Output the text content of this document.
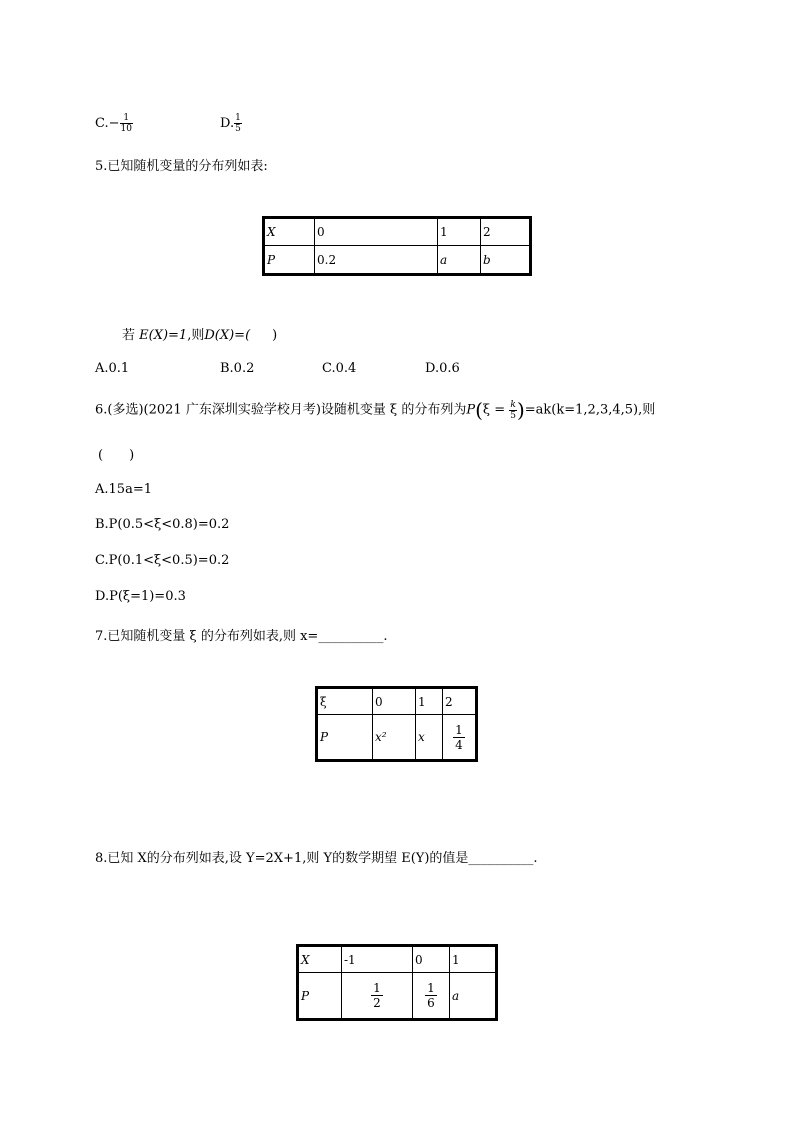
$C.- \frac{1}{10}$	D. $\frac{1}{5}$
5.已知随机变量的分布列如表:
X	0	1	2
P	0.2	a	b
若 E(X)=1,则D(X)=( )
A.0.1	B.0.2	C.0.4	D.0.6
6.(多选)(2021 广东深圳实验学校月考)设随机变量 ξ 的分布列为$P(\xi = \frac{k}{5} )=ak(k=1,2,3,4,5)$,则
(　　)
A.15a=1
B.P(0.5<ξ<0.8)=0.2
C.P(0.1<ξ<0.5)=0.2
D.P(ξ=1)=0.3
7.已知随机变量 ξ 的分布列如表,则 x=__________.
ξ	0	1	2
P	x²	x	$\frac{1}{4}$
8.已知 X的分布列如表,设 Y=2X+1,则 Y的数学期望 E(Y)的值是__________.
X	-1	0	1
P	$\frac{1}{2}$	$\frac{1}{6}$	a
